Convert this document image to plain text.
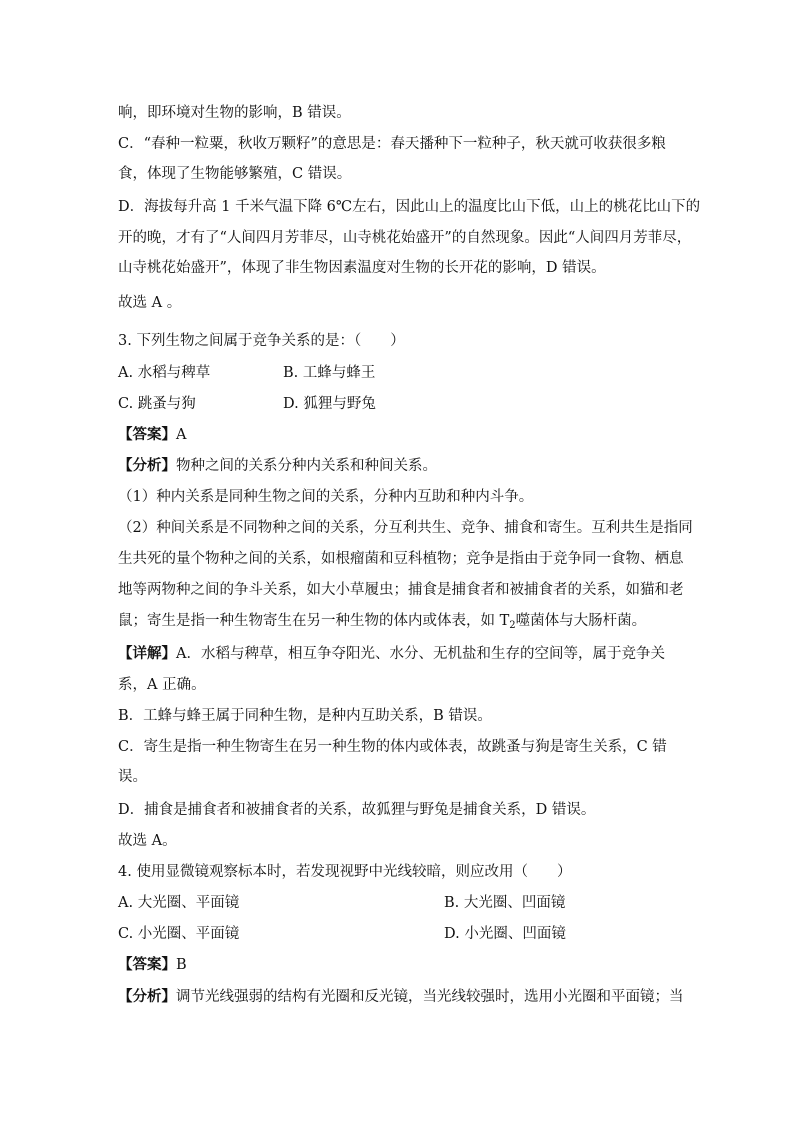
响，即环境对生物的影响，B 错误。
C．“春种一粒粟，秋收万颗籽”的意思是：春天播种下一粒种子，秋天就可收获很多粮
食，体现了生物能够繁殖，C 错误。
D．海拔每升高 1 千米气温下降 6℃左右，因此山上的温度比山下低，山上的桃花比山下的
开的晚，才有了“人间四月芳菲尽，山寺桃花始盛开”的自然现象。因此“人间四月芳菲尽，
山寺桃花始盛开”，体现了非生物因素温度对生物的长开花的影响，D 错误。
故选 A 。
3. 下列生物之间属于竞争关系的是：（　　）
A. 水稻与稗草	B. 工蜂与蜂王
C. 跳蚤与狗	D. 狐狸与野兔
【答案】A
【分析】物种之间的关系分种内关系和种间关系。
（1）种内关系是同种生物之间的关系，分种内互助和种内斗争。
（2）种间关系是不同物种之间的关系，分互利共生、竞争、捕食和寄生。互利共生是指同
生共死的量个物种之间的关系，如根瘤菌和豆科植物；竞争是指由于竞争同一食物、栖息
地等两物种之间的争斗关系，如大小草履虫；捕食是捕食者和被捕食者的关系，如猫和老
鼠；寄生是指一种生物寄生在另一种生物的体内或体表，如 $T_2$噬菌体与大肠杆菌。
【详解】A．水稻与稗草，相互争夺阳光、水分、无机盐和生存的空间等，属于竞争关
系，A 正确。
B．工蜂与蜂王属于同种生物，是种内互助关系，B 错误。
C．寄生是指一种生物寄生在另一种生物的体内或体表，故跳蚤与狗是寄生关系，C 错
误。
D．捕食是捕食者和被捕食者的关系，故狐狸与野兔是捕食关系，D 错误。
故选 A。
4. 使用显微镜观察标本时，若发现视野中光线较暗，则应改用（　　）
A. 大光圈、平面镜	B. 大光圈、凹面镜
C. 小光圈、平面镜	D. 小光圈、凹面镜
【答案】B
【分析】调节光线强弱的结构有光圈和反光镜，当光线较强时，选用小光圈和平面镜；当
